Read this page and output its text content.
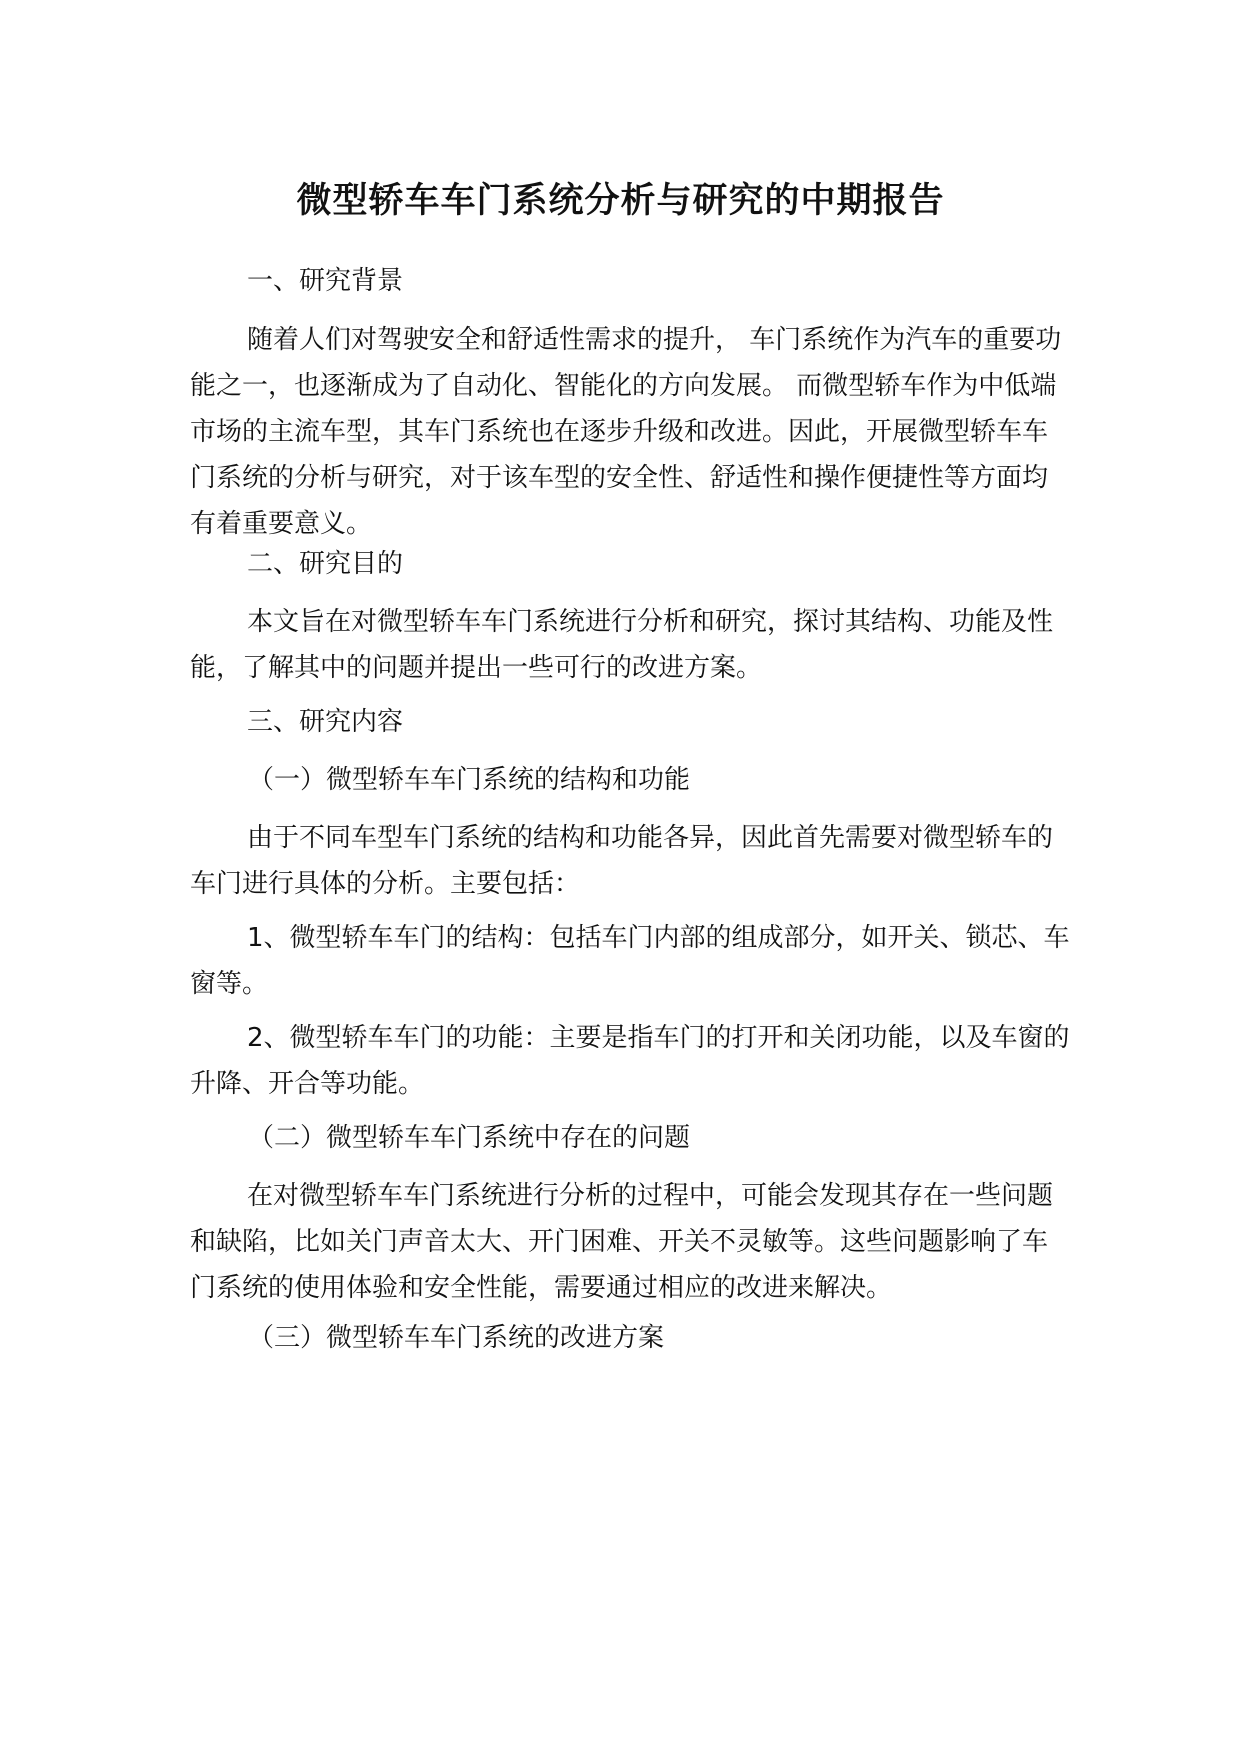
微型轿车车门系统分析与研究的中期报告

一、研究背景

随着人们对驾驶安全和舒适性需求的提升， 车门系统作为汽车的重要功能之一，也逐渐成为了自动化、智能化的方向发展。 而微型轿车作为中低端市场的主流车型，其车门系统也在逐步升级和改进。因此，开展微型轿车车门系统的分析与研究，对于该车型的安全性、舒适性和操作便捷性等方面均有着重要意义。

二、研究目的

本文旨在对微型轿车车门系统进行分析和研究，探讨其结构、功能及性能，了解其中的问题并提出一些可行的改进方案。

三、研究内容

（一）微型轿车车门系统的结构和功能

由于不同车型车门系统的结构和功能各异，因此首先需要对微型轿车的车门进行具体的分析。主要包括：

1、微型轿车车门的结构：包括车门内部的组成部分，如开关、锁芯、车窗等。

2、微型轿车车门的功能：主要是指车门的打开和关闭功能，以及车窗的升降、开合等功能。

（二）微型轿车车门系统中存在的问题

在对微型轿车车门系统进行分析的过程中，可能会发现其存在一些问题和缺陷，比如关门声音太大、开门困难、开关不灵敏等。这些问题影响了车门系统的使用体验和安全性能，需要通过相应的改进来解决。

（三）微型轿车车门系统的改进方案
